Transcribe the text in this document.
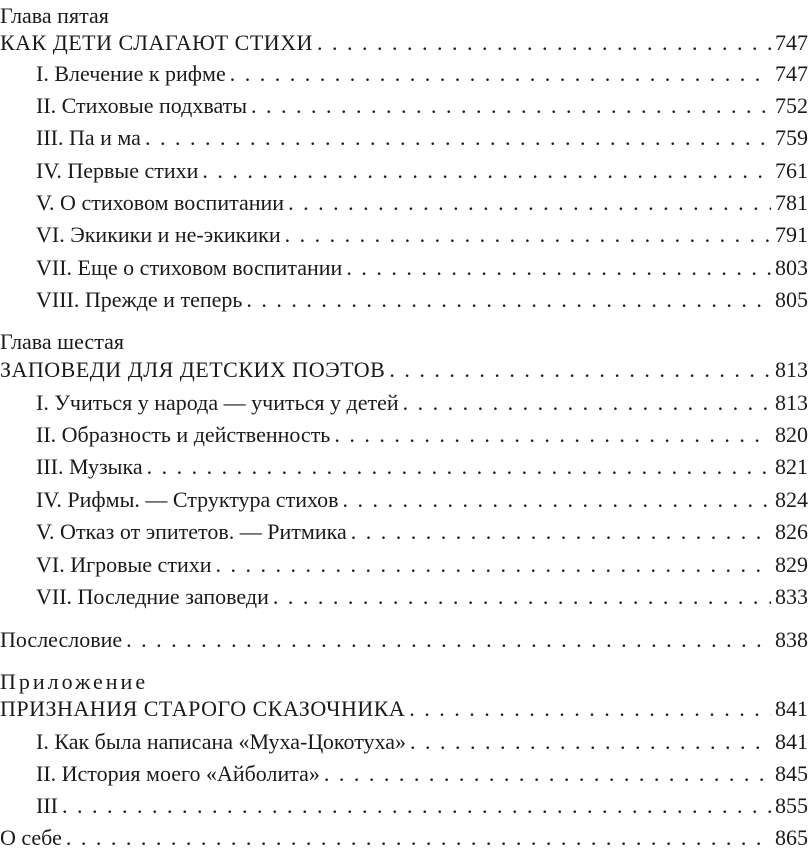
Глава пятая
КАК ДЕТИ СЛАГАЮТ СТИХИ . . .	747
I. Влечение к рифме . . .	747
II. Стиховые подхваты . . .	752
III. Па и ма . . .	759
IV. Первые стихи . . .	761
V. О стиховом воспитании . . .	781
VI. Экикики и не-экикики . . .	791
VII. Еще о стиховом воспитании . . .	803
VIII. Прежде и теперь . . .	805
Глава шестая
ЗАПОВЕДИ ДЛЯ ДЕТСКИХ ПОЭТОВ . . .	813
I. Учиться у народа — учиться у детей . . .	813
II. Образность и действенность . . .	820
III. Музыка . . .	821
IV. Рифмы. — Структура стихов . . .	824
V. Отказ от эпитетов. — Ритмика . . .	826
VI. Игровые стихи . . .	829
VII. Последние заповеди . . .	833
Послесловие . . .	838
Приложение
ПРИЗНАНИЯ СТАРОГО СКАЗОЧНИКА . . .	841
I. Как была написана «Муха-Цокотуха» . . .	841
II. История моего «Айболита» . . .	845
III . . .	855
О себе . . .	865
